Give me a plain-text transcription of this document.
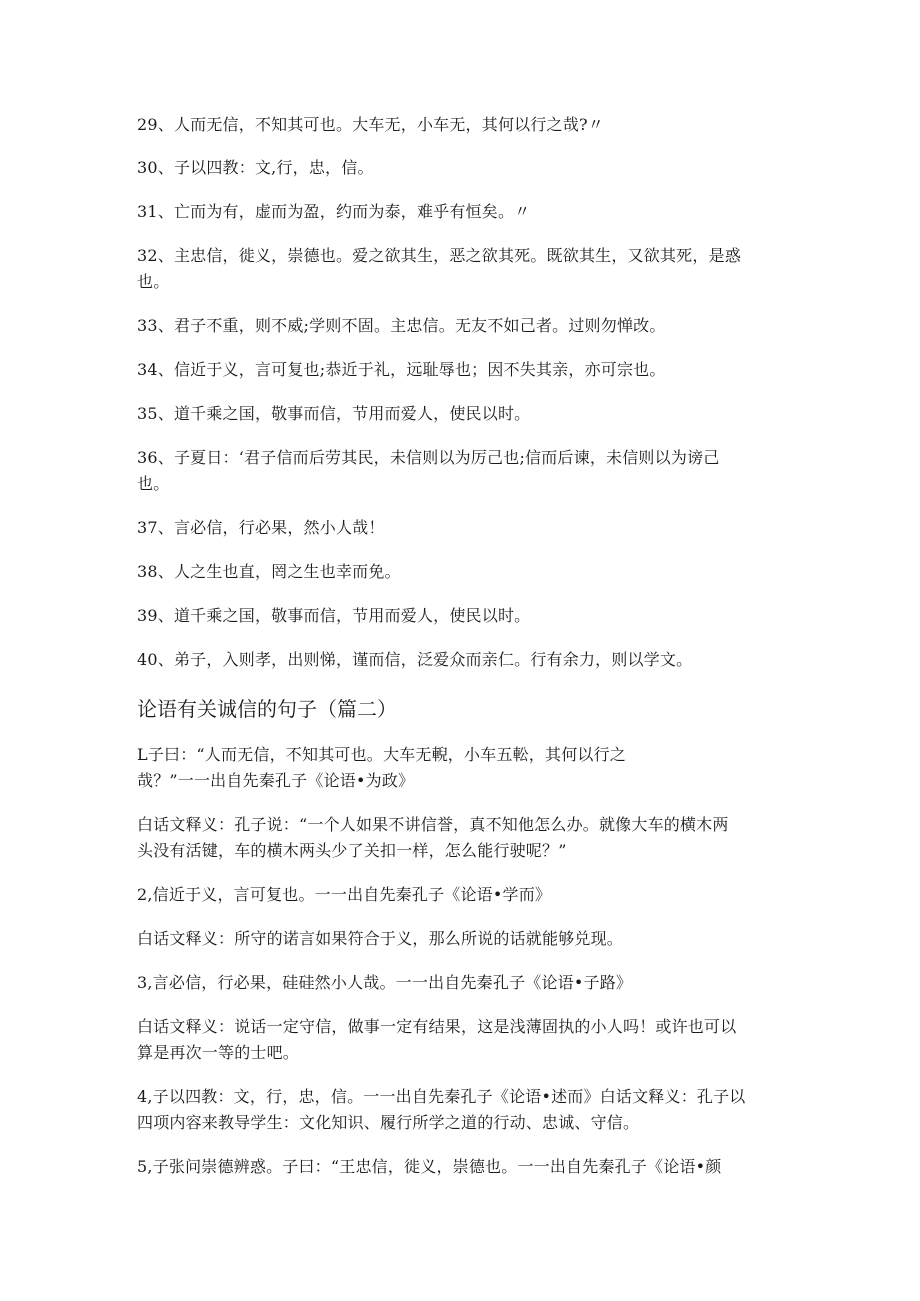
29、人而无信，不知其可也。大车无，小车无，其何以行之哉?〃
30、子以四教：文,行，忠，信。
31、亡而为有，虚而为盈，约而为泰，难乎有恒矣。〃
32、主忠信，徙义，崇德也。爱之欲其生，恶之欲其死。既欲其生，又欲其死，是惑
也。
33、君子不重，则不威;学则不固。主忠信。无友不如己者。过则勿惮改。
34、信近于义，言可复也;恭近于礼，远耻辱也；因不失其亲，亦可宗也。
35、道千乘之国，敬事而信，节用而爱人，使民以时。
36、子夏日：‘君子信而后劳其民，未信则以为厉己也;信而后谏，未信则以为谤己
也。
37、言必信，行必果，然小人哉！
38、人之生也直，罔之生也幸而免。
39、道千乘之国，敬事而信，节用而爱人，使民以时。
40、弟子，入则孝，出则悌，谨而信，泛爱众而亲仁。行有余力，则以学文。
论语有关诚信的句子（篇二）
L子曰：“人而无信，不知其可也。大车无輗，小车五䡆，其何以行之
哉？”一一出自先秦孔子《论语•为政》
白话文释义：孔子说：“一个人如果不讲信誉，真不知他怎么办。就像大车的横木两
头没有活键，车的横木两头少了关扣一样，怎么能行驶呢？”
2,信近于义，言可复也。一一出自先秦孔子《论语•学而》
白话文释义：所守的诺言如果符合于义，那么所说的话就能够兑现。
3,言必信，行必果，硅硅然小人哉。一一出自先秦孔子《论语•子路》
白话文释义：说话一定守信，做事一定有结果，这是浅薄固执的小人吗！或许也可以
算是再次一等的士吧。
4,子以四教：文，行，忠，信。一一出自先秦孔子《论语•述而》白话文释义：孔子以
四项内容来教导学生：文化知识、履行所学之道的行动、忠诚、守信。
5,子张问崇德辨惑。子曰：“王忠信，徙义，崇德也。一一出自先秦孔子《论语•颜
